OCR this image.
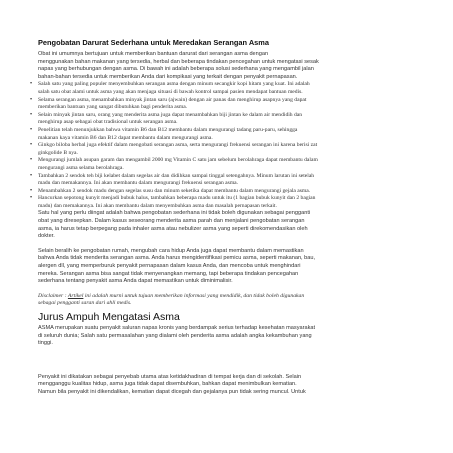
Pengobatan Darurat Sederhana untuk Meredakan Serangan Asma
Obat ini umumnya bertujuan untuk memberikan bantuan darurat dari serangan asma dengan
menggunakan bahan makanan yang tersedia, herbal dan beberapa tindakan pencegahan untuk mengatasi sesak
napas yang berhubungan dengan asma. Di bawah ini adalah beberapa solusi sederhana yang mengambil jalan
bahan-bahan tersedia untuk memberikan Anda dari kompikasi yang terkait dengan penyakit pernapasan.
• Salah satu yang paling populer menyembuhkan serangan asma dengan minum secangkir kopi hitam yang kuat. Ini adalah
salah satu obat alami untuk asma yang akan menjaga situasi di bawah kontrol sampai pasien mendapat bantuan medis.
• Selama serangan asma, menambahkan minyak jintan saru (ajwain) dengan air panas dan menghirup asapnya yang dapat
memberikan bantuan yang sangat dibutuhkan bagi penderita asma.
• Selain minyak jintan saru, orang yang menderita asma juga dapat menambahkan biji jintan ke dalam air mendidih dan
menghirup asap sebagai obat tradisional untuk serangan asma.
• Penelitian telah menunjukkan bahwa vitamin B6 dan B12 membantu dalam mengurangi tadang paru-paru, sehingga
makanan kaya vitamin B6 dan B12 dapat membantu dalam mengurangi asma.
• Ginkgo biloba herbal juga efektif dalam mengobati serangan asma, serta mengurangi frekuensi serangan ini karena berisi zat
ginkgolide B nya.
• Mengurangi jumlah asupan garam dan mengambil 2000 mg Vitamin C satu jam sebelum berolahraga dapat membantu dalam
mengurangi asma selama berolahraga.
• Tambahkan 2 sendok teh biji kelabet dalam segelas air dan didihkan sampai tinggal setengahnya. Minum larutan ini setelah
madu dan memakannya. Ini akan membantu dalam mengurangi frekuensi serangan asma.
• Menambahkan 2 sendok madu dengan segelas susu dan minum seketika dapat membantu dalam mengurangi gejala asma.
• Hancurkan sepotong kunyit menjadi bubuk halus, tambahkan beberapa madu untuk itu (1 bagian bubuk kunyit dan 2 bagian
madu) dan memakannya. Ini akan membantu dalam menyembuhkan asma dan masalah pernapasan terkait.
Satu hal yang perlu diingat adalah bahwa pengobatan sederhana ini tidak boleh digunakan sebagai pengganti
obat yang diresepkan. Dalam kasus seseorang menderita asma parah dan menjalani pengobatan serangan
asma, ia harus tetap berpegang pada inhaler asma atau nebulizer asma yang seperti direkomendasikan oleh
dokter.
Selain beralih ke pengobatan rumah, mengubah cara hidup Anda juga dapat membantu dalam memastikan
bahwa Anda tidak menderita serangan asma. Anda harus mengidentifikasi pemicu asma, seperti makanan, bau,
alergen dll, yang memperburuk penyakit pernapasan dalam kasus Anda, dan mencoba untuk menghindari
mereka. Serangan asma bisa sangat tidak menyenangkan memang, tapi beberapa tindakan pencegahan
sederhana tentang penyakit asma Anda dapat memastikan untuk diminimalisir.
Disclaimer : Artikel ini adalah murni untuk tujuan memberikan informasi yang mendidik, dan tidak boleh digunakan
sebagai pengganti saran dari ahli medis.
Jurus Ampuh Mengatasi Asma
ASMA merupakan suatu penyakit saluran napas kronis yang berdampak serius terhadap kesehatan masyarakat
di seluruh dunia; Salah satu permasalahan yang dialami oleh penderita asma adalah angka kekambuhan yang
tinggi.
Penyakit ini dikatakan sebagai penyebab utama atas ketidakhadiran di tempat kerja dan di sekolah. Selain
mengganggu kualitas hidup, asma juga tidak dapat disembuhkan, bahkan dapat menimbulkan kematian.
Namun bila penyakit ini dikendalikan, kematian dapat dicegah dan gejalanya pun tidak sering muncul. Untuk
